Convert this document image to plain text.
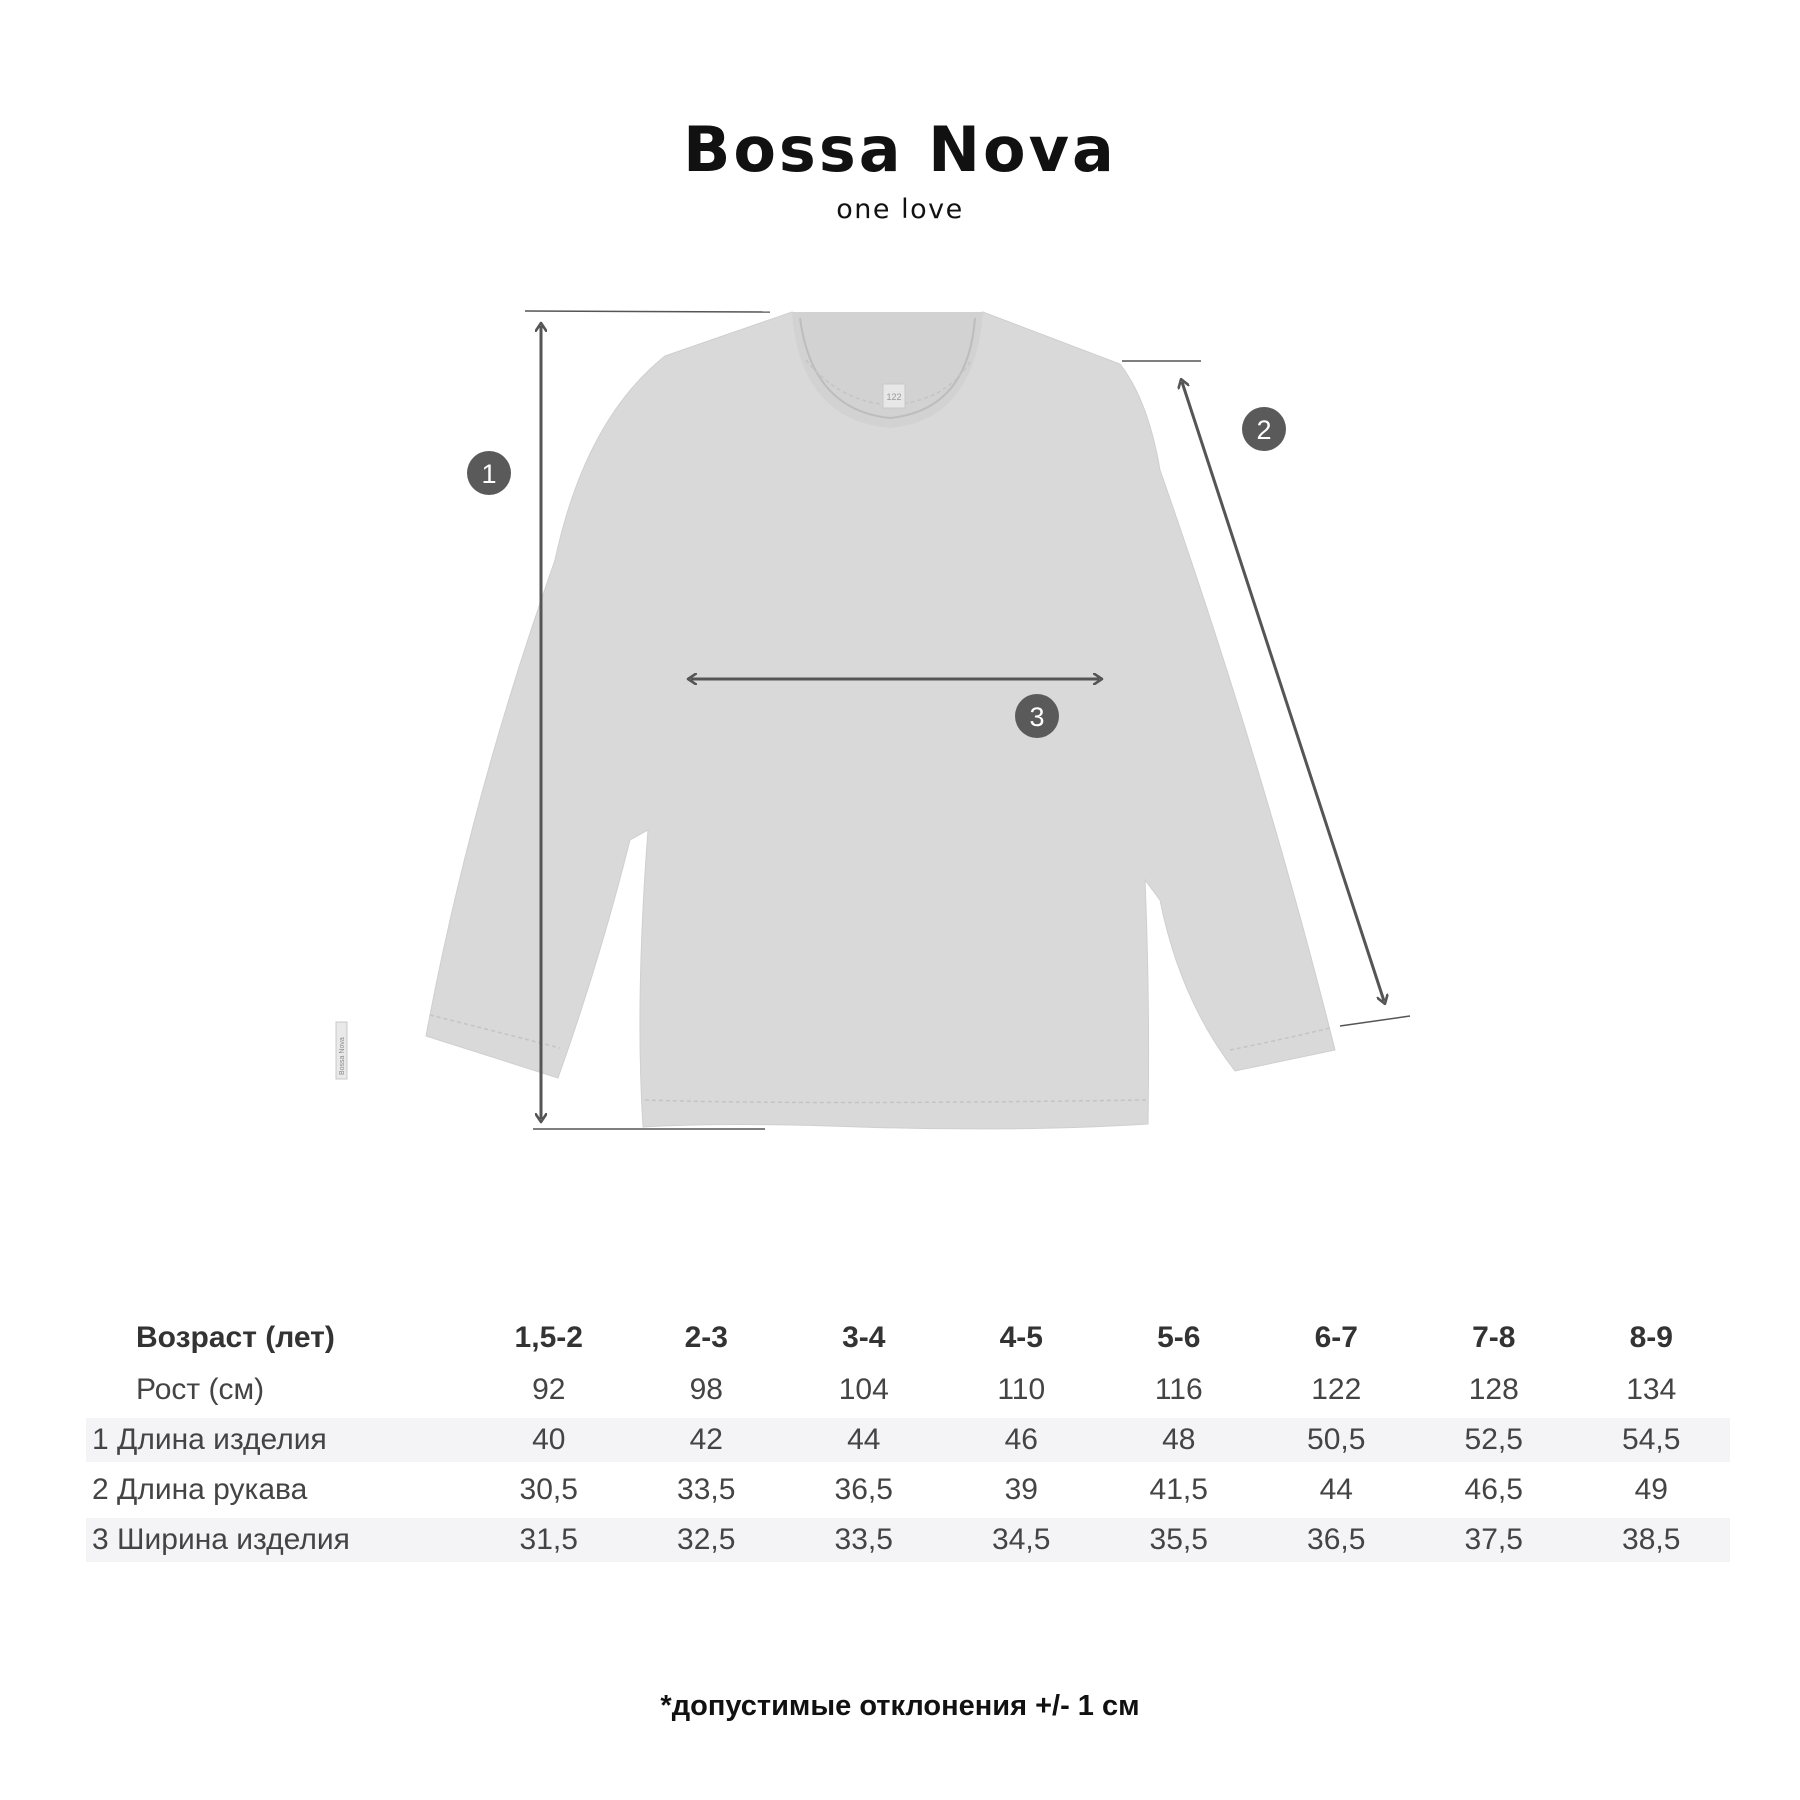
Bossa Nova
one love
122
Bossa Nova
1
2
3
Возраст (лет)	1,5-2	2-3	3-4	4-5	5-6	6-7	7-8	8-9
Рост (см)	92	98	104	110	116	122	128	134
1 Длина изделия	40	42	44	46	48	50,5	52,5	54,5
2 Длина рукава	30,5	33,5	36,5	39	41,5	44	46,5	49
3 Ширина изделия	31,5	32,5	33,5	34,5	35,5	36,5	37,5	38,5
*допустимые отклонения +/- 1 см
